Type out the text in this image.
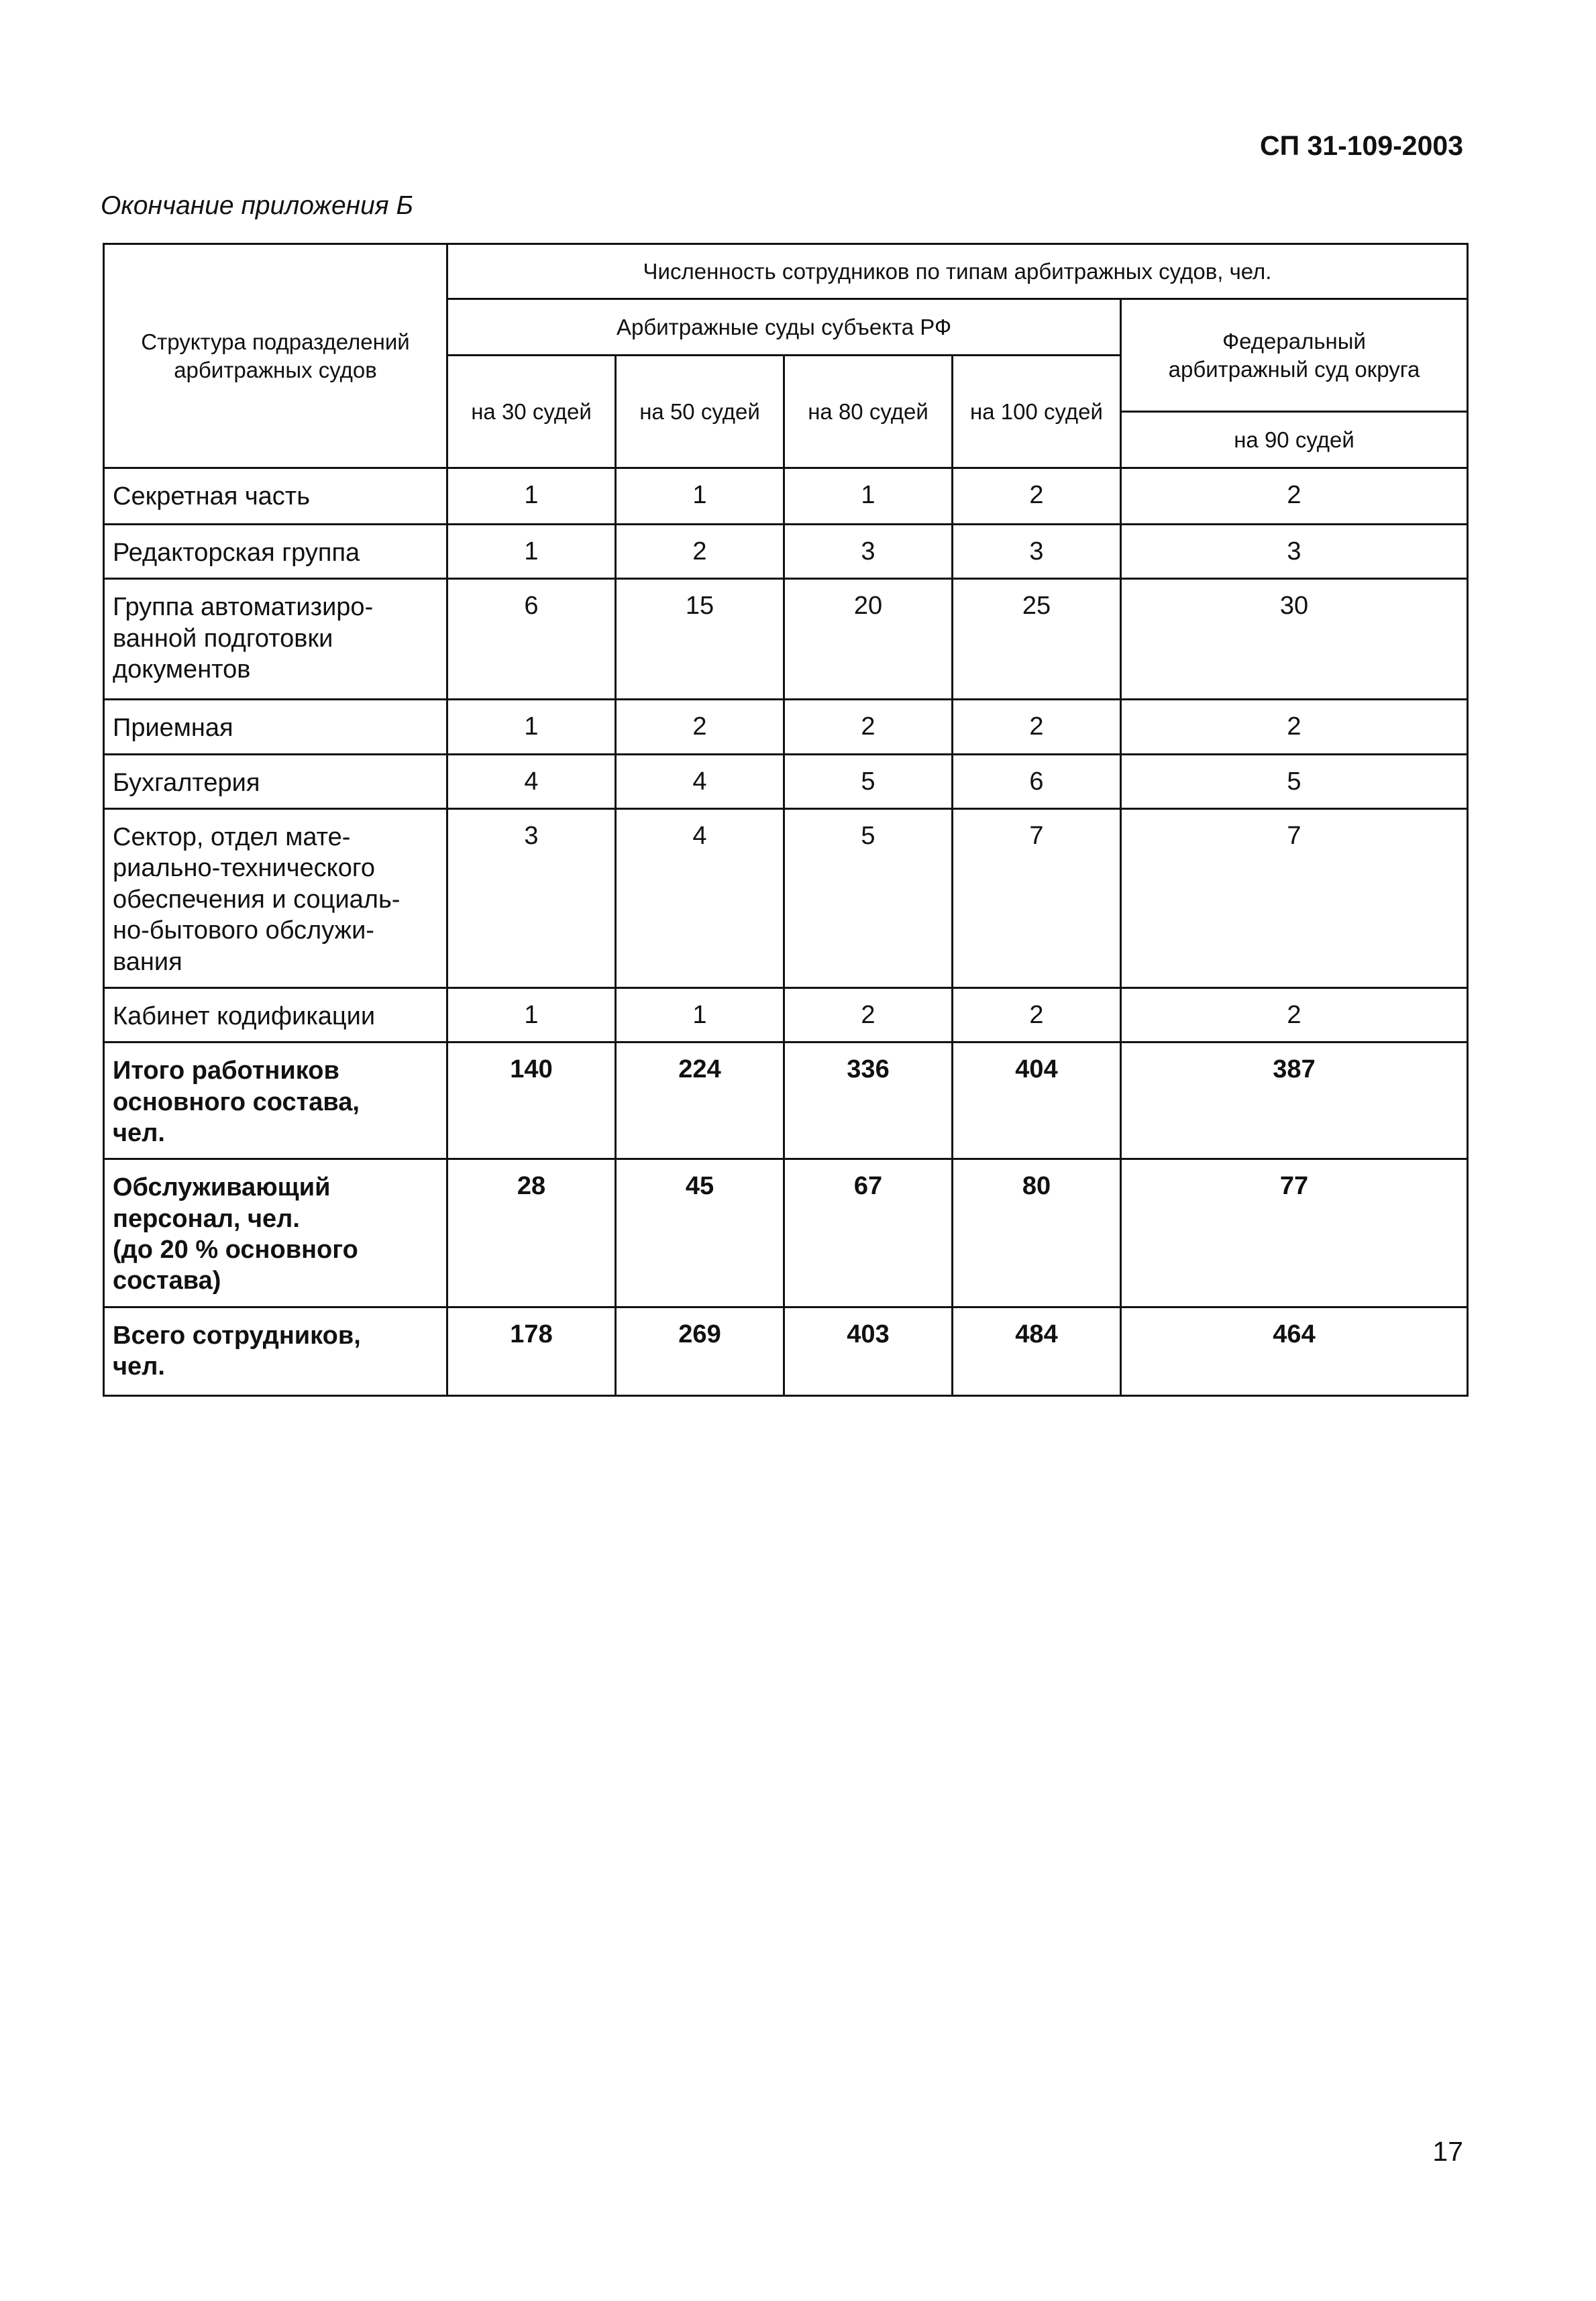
СП 31-109-2003
Окончание приложения Б
Структура подразделений арбитражных судов	Численность сотрудников по типам арбитражных судов, чел.				
	Арбитражные суды субъекта РФ				Федеральный арбитражный суд округа
	на 30 судей	на 50 судей	на 80 судей	на 100 судей	
					на 90 судей
Секретная часть	1	1	1	2	2
Редакторская группа	1	2	3	3	3
Группа автоматизиро-
ванной подготовки
документов	6	15	20	25	30
Приемная	1	2	2	2	2
Бухгалтерия	4	4	5	6	5
Сектор, отдел мате-
риально-технического
обеспечения и социаль-
но-бытового обслужи-
вания	3	4	5	7	7
Кабинет кодификации	1	1	2	2	2
Итого работников
основного состава,
чел.	140	224	336	404	387
Обслуживающий
персонал, чел.
(до 20 % основного
состава)	28	45	67	80	77
Всего сотрудников,
чел.	178	269	403	484	464
17
